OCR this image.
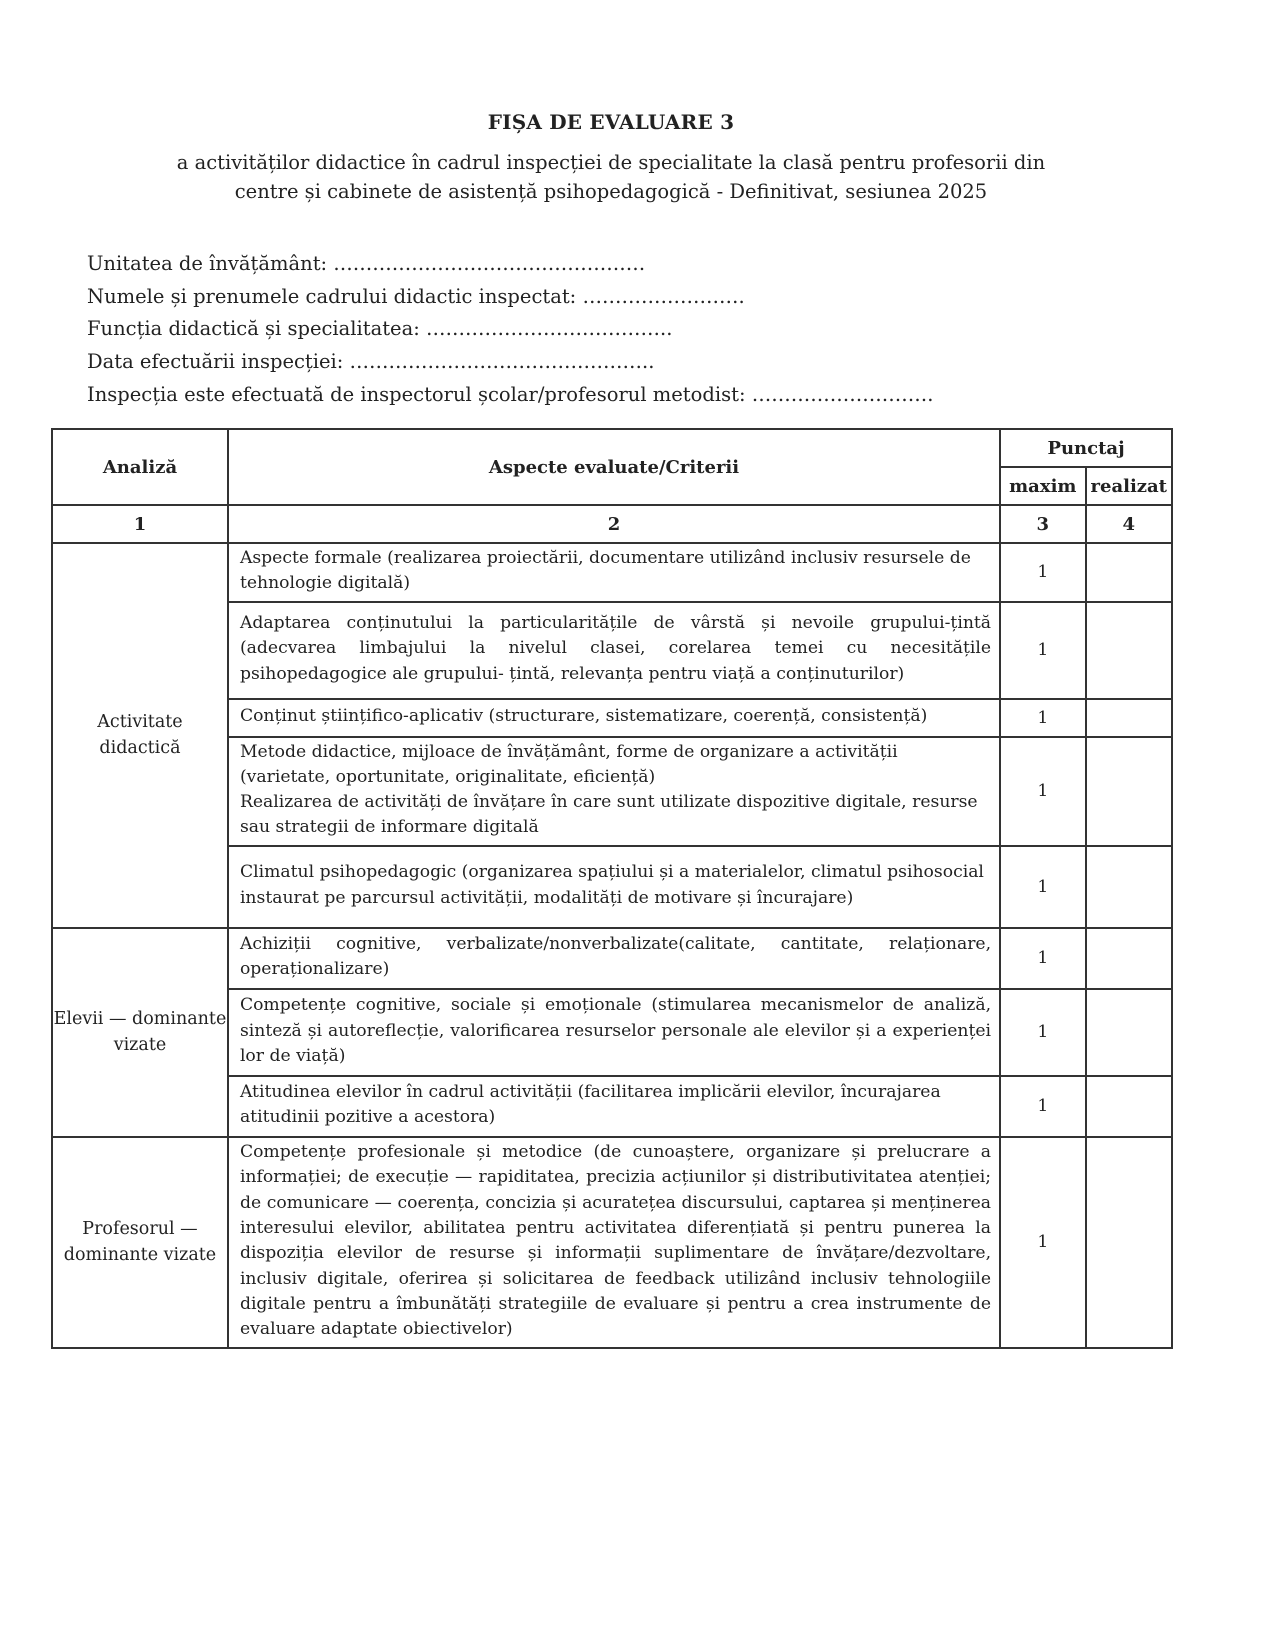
FIȘA DE EVALUARE 3
a activităților didactice în cadrul inspecției de specialitate la clasă pentru profesorii din
centre și cabinete de asistență psihopedagogică - Definitivat, sesiunea 2025
Unitatea de învățământ: …………………………………………
Numele și prenumele cadrului didactic inspectat: …………………….
Funcția didactică și specialitatea: ………………………………..
Data efectuării inspecției: ………………………………………..
Inspecția este efectuată de inspectorul școlar/profesorul metodist: ……………………….
Analiză	Aspecte evaluate/Criterii	Punctaj	
		maxim	realizat
1	2	3	4
Activitate didactică	Aspecte formale (realizarea proiectării, documentare utilizând inclusiv resursele de tehnologie digitală)	1	
	Adaptarea conținutului la particularitățile de vârstă și nevoile grupului-țintă (adecvarea limbajului la nivelul clasei, corelarea temei cu necesitățile psihopedagogice ale grupului- țintă, relevanța pentru viață a conținuturilor)	1	
	Conținut științifico-aplicativ (structurare, sistematizare, coerență, consistență)	1	

	Metode didactice, mijloace de învățământ, forme de organizare a activității (varietate, oportunitate, originalitate, eficiență)
Realizarea de activități de învățare în care sunt utilizate dispozitive digitale, resurse sau strategii de informare digitală	1	
	Climatul psihopedagogic (organizarea spațiului și a materialelor, climatul psihosocial instaurat pe parcursul activității, modalități de motivare și încurajare)	1	
Elevii — dominante vizate	Achiziții cognitive, verbalizate/nonverbalizate(calitate, cantitate, relaționare, operaționalizare)	1	
	Competențe cognitive, sociale și emoționale (stimularea mecanismelor de analiză, sinteză și autoreflecție, valorificarea resurselor personale ale elevilor și a experienței lor de viață)	1	
	Atitudinea elevilor în cadrul activității (facilitarea implicării elevilor, încurajarea atitudinii pozitive a acestora)	1	
Profesorul — dominante vizate	Competențe profesionale și metodice (de cunoaștere, organizare și prelucrare a informației; de execuție — rapiditatea, precizia acțiunilor și distributivitatea atenției; de comunicare — coerența, concizia și acuratețea discursului, captarea și menținerea interesului elevilor, abilitatea pentru activitatea diferențiată și pentru punerea la dispoziția elevilor de resurse și informații suplimentare de învățare/dezvoltare, inclusiv digitale, oferirea și solicitarea de feedback utilizând inclusiv tehnologiile digitale pentru a îmbunătăți strategiile de evaluare și pentru a crea instrumente de evaluare adaptate obiectivelor)	1	
